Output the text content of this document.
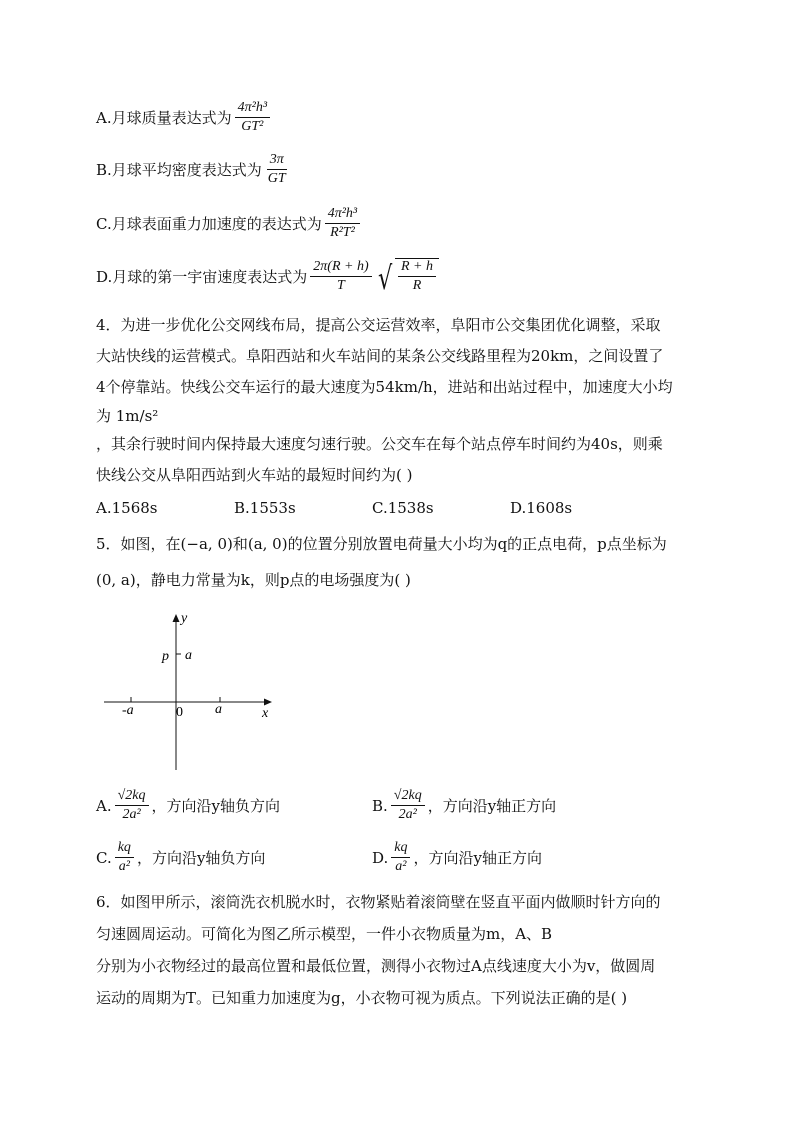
A.月球质量表达式为 $\frac{\text{4π²h³}}{\text{GT²}}$
B.月球平均密度表达式为 $\frac{3\pi}{GT}$
C.月球表面重力加速度的表达式为 $\frac{\text{4π²h³}}{\text{R²T²}}$
D.月球的第一宇宙速度表达式为 $\frac{2\pi(R + h)}{T}$ √ $\frac{R + h}{R}$
4．为进一步优化公交网线布局，提高公交运营效率，阜阳市公交集团优化调整，采取
大站快线的运营模式。阜阳西站和火车站间的某条公交线路里程为20km，之间设置了
4个停靠站。快线公交车运行的最大速度为54km/h，进站和出站过程中，加速度大小均
为 1m/s²
，其余行驶时间内保持最大速度匀速行驶。公交车在每个站点停车时间约为40s，则乘
快线公交从阜阳西站到火车站的最短时间约为( )
A.1568s	B.1553s	C.1538s	D.1608s
5．如图，在(−a, 0)和(a, 0)的位置分别放置电荷量大小均为q的正点电荷，p点坐标为
(0, a)，静电力常量为k，则p点的电场强度为( )
y
x
p a
-a	0 a
A. $\frac{√2kq}{\text{2a²}}$ ，方向沿y轴负方向	B. $\frac{√2kq}{\text{2a²}}$ ，方向沿y轴正方向
C. $\frac{kq}{\text{a²}}$ ，方向沿y轴负方向	D. $\frac{kq}{\text{a²}}$ ，方向沿y轴正方向
6．如图甲所示，滚筒洗衣机脱水时，衣物紧贴着滚筒壁在竖直平面内做顺时针方向的
匀速圆周运动。可简化为图乙所示模型，一件小衣物质量为m，A、B
分别为小衣物经过的最高位置和最低位置，测得小衣物过A点线速度大小为v，做圆周
运动的周期为T。已知重力加速度为g，小衣物可视为质点。下列说法正确的是( )
